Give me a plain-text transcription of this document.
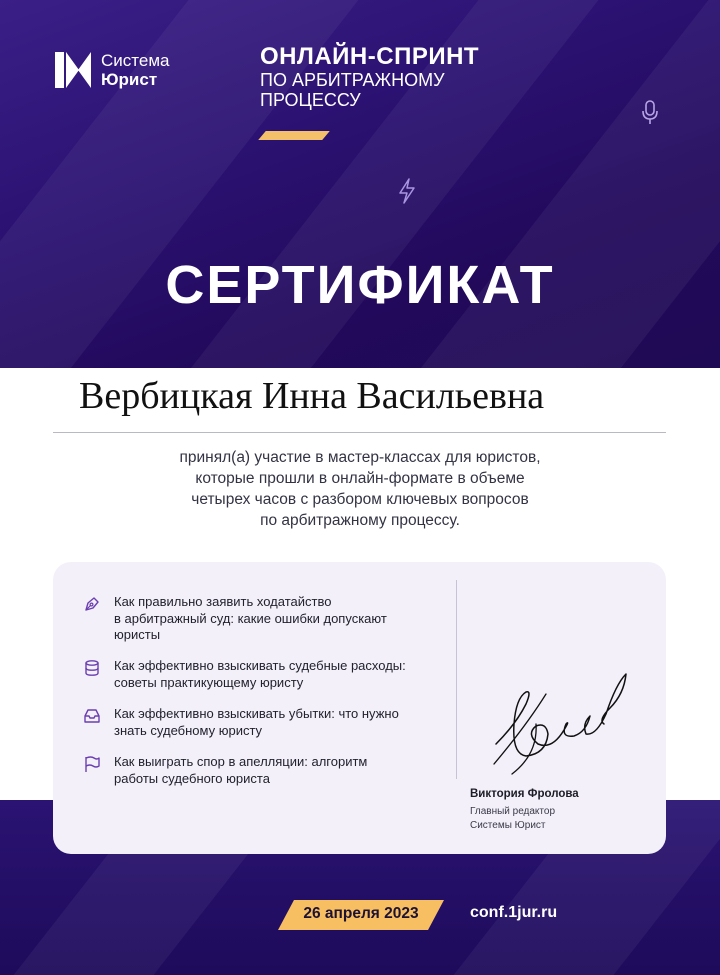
Система
Юрист
ОНЛАЙН-СПРИНТ
ПО АРБИТРАЖНОМУ
ПРОЦЕССУ
СЕРТИФИКАТ
Вербицкая Инна Васильевна
принял(а) участие в мастер-классах для юристов,
которые прошли в онлайн-формате в объеме
четырех часов с разбором ключевых вопросов
по арбитражному процессу.
Как правильно заявить ходатайство
в арбитражный суд: какие ошибки допускают
юристы
Как эффективно взыскивать судебные расходы:
советы практикующему юристу
Как эффективно взыскивать убытки: что нужно
знать судебному юристу
Как выиграть спор в апелляции: алгоритм
работы судебного юриста
Виктория Фролова
Главный редактор
Системы Юрист
26 апреля 2023	conf.1jur.ru
